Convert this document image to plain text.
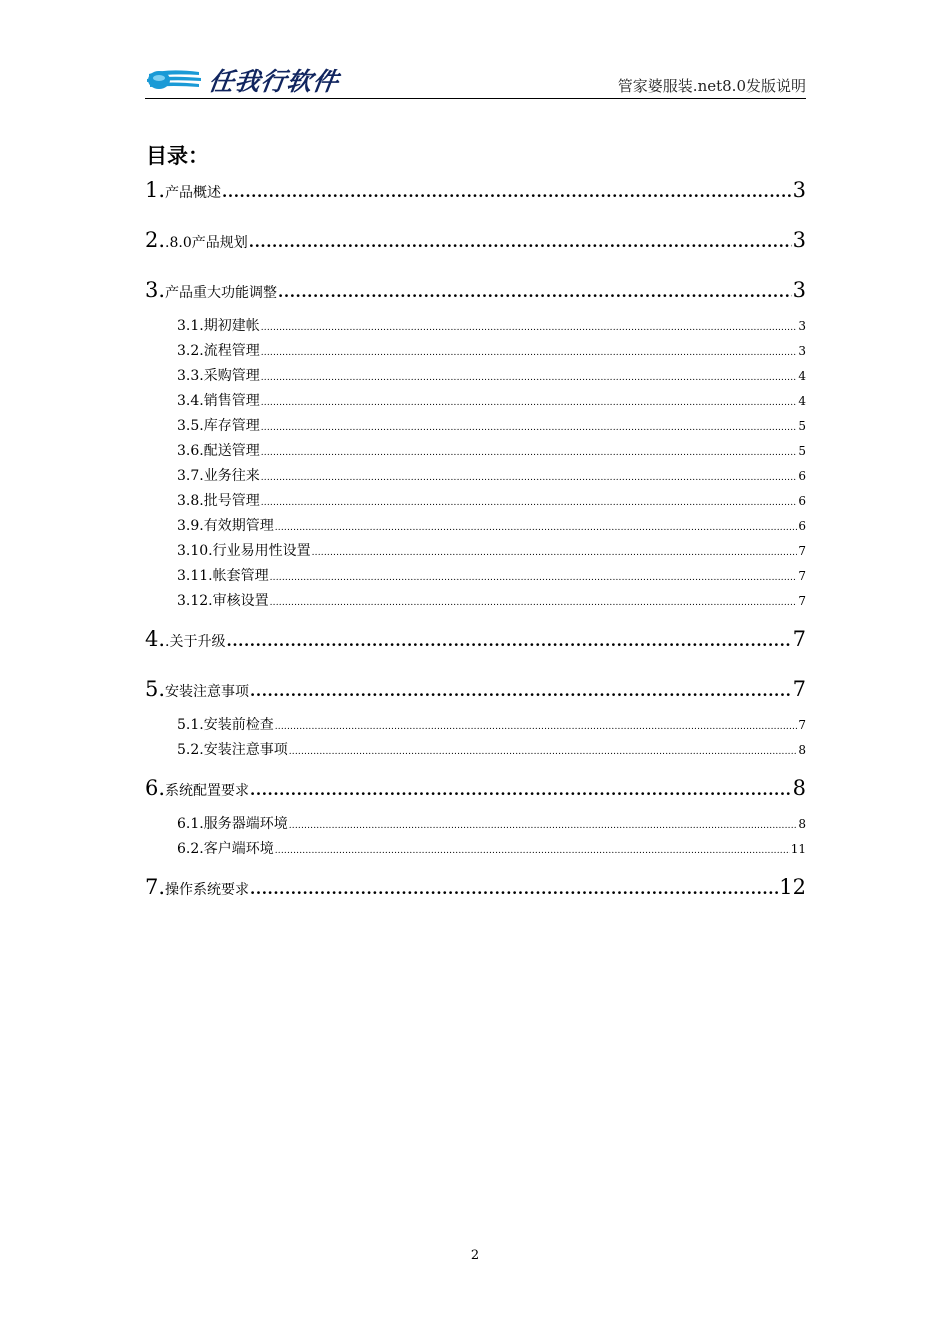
任我行软件	管家婆服装.net8.0发版说明
目录：
1. 产品概述 .....	3
2. .8.0产品规划 .....	3
3. 产品重大功能调整 .....	3
3.1. 期初建帐 .....	3
3.2. 流程管理 .....	3
3.3. 采购管理 .....	4
3.4. 销售管理 .....	4
3.5. 库存管理 .....	5
3.6. 配送管理 .....	5
3.7. 业务往来 .....	6
3.8. 批号管理 .....	6
3.9. 有效期管理 .....	6
3.10. 行业易用性设置 .....	7
3.11. 帐套管理 .....	7
3.12. 审核设置 .....	7
4. .关于升级 .....	7
5. 安装注意事项 .....	7
5.1. 安装前检查 .....	7
5.2. 安装注意事项 .....	8
6. 系统配置要求 .....	8
6.1. 服务器端环境 .....	8
6.2. 客户端环境 .....	11
7. 操作系统要求 .....	12
2
